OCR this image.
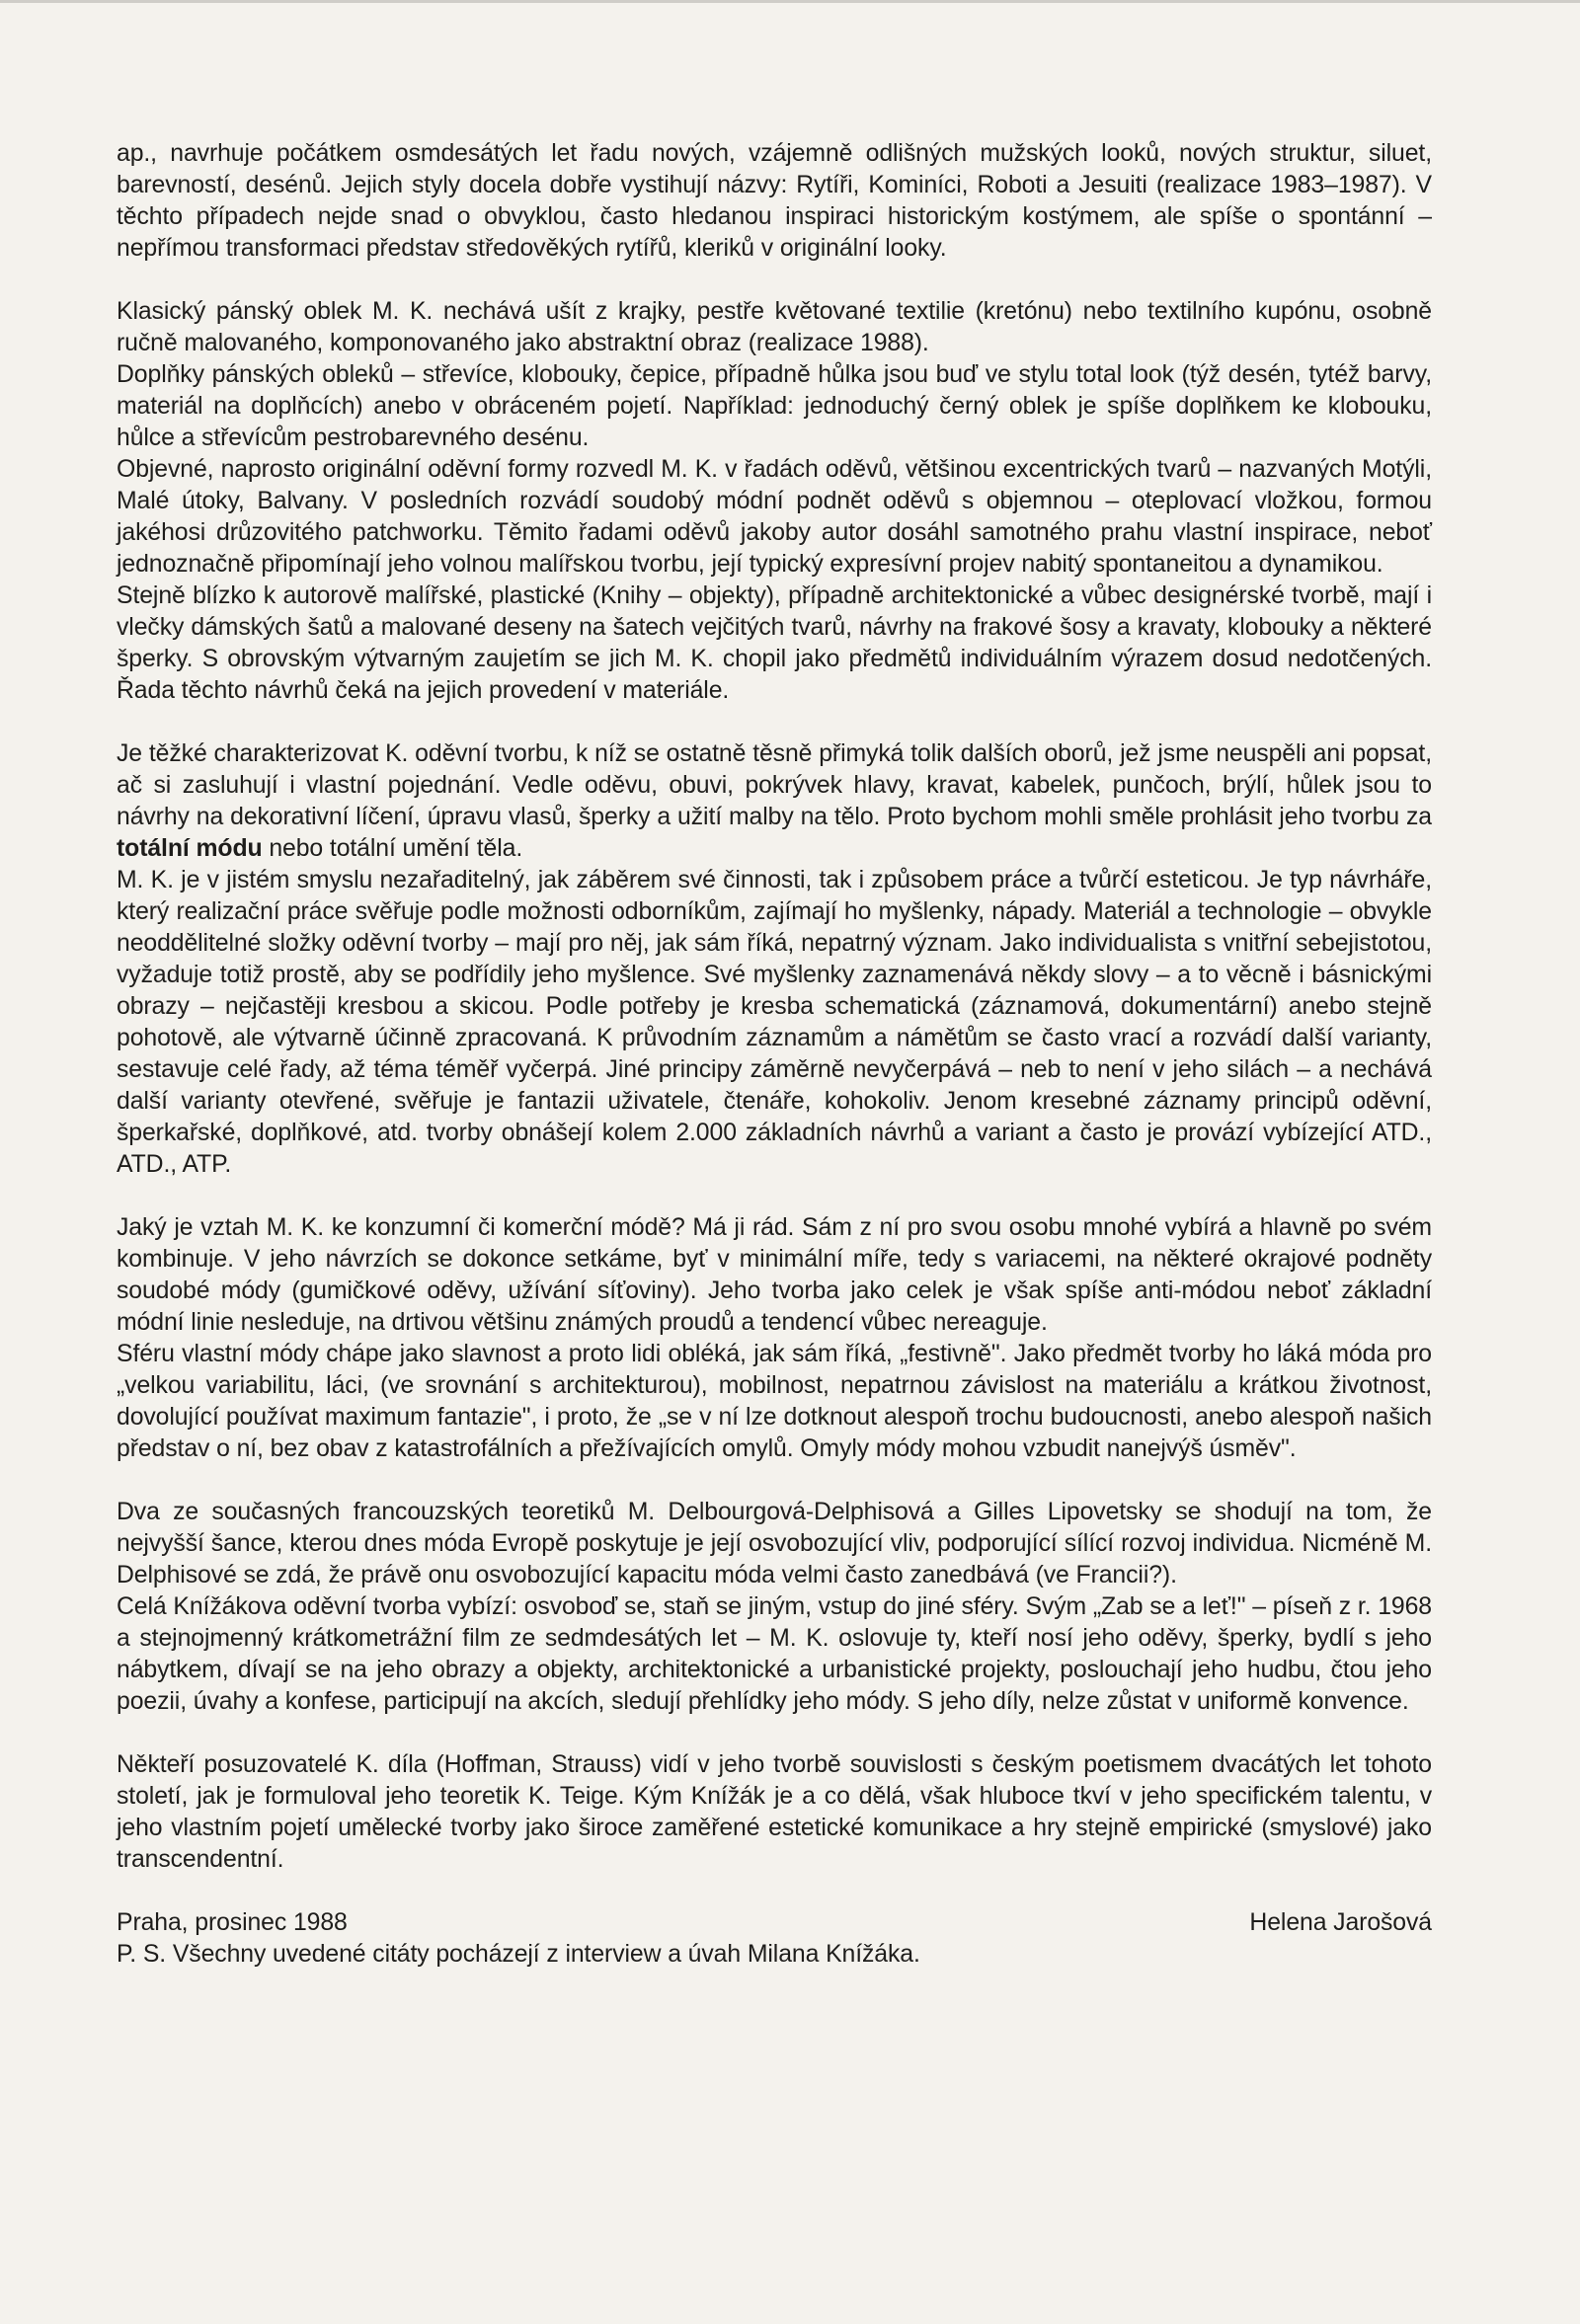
ap., navrhuje počátkem osmdesátých let řadu nových, vzájemně odlišných mužských looků, nových struktur, siluet, barevností, desénů. Jejich styly docela dobře vystihují názvy: Rytíři, Kominíci, Roboti a Jesuiti (realizace 1983–1987). V těchto případech nejde snad o obvyklou, často hledanou inspiraci historickým kostýmem, ale spíše o spontánní – nepřímou transformaci představ středověkých rytířů, kleriků v originální looky.

Klasický pánský oblek M. K. nechává ušít z krajky, pestře květované textilie (kretónu) nebo textilního kupónu, osobně ručně malovaného, komponovaného jako abstraktní obraz (realizace 1988).

Doplňky pánských obleků – střevíce, klobouky, čepice, případně hůlka jsou buď ve stylu total look (týž desén, tytéž barvy, materiál na doplňcích) anebo v obráceném pojetí. Například: jednoduchý černý oblek je spíše doplňkem ke klobouku, hůlce a střevícům pestrobarevného desénu.

Objevné, naprosto originální oděvní formy rozvedl M. K. v řadách oděvů, většinou excentrických tvarů – nazvaných Motýli, Malé útoky, Balvany. V posledních rozvádí soudobý módní podnět oděvů s objemnou – oteplovací vložkou, formou jakéhosi drůzovitého patchworku. Těmito řadami oděvů jakoby autor dosáhl samotného prahu vlastní inspirace, neboť jednoznačně připomínají jeho volnou malířskou tvorbu, její typický expresívní projev nabitý spontaneitou a dynamikou.

Stejně blízko k autorově malířské, plastické (Knihy – objekty), případně architektonické a vůbec designérské tvorbě, mají i vlečky dámských šatů a malované deseny na šatech vejčitých tvarů, návrhy na frakové šosy a kravaty, klobouky a některé šperky. S obrovským výtvarným zaujetím se jich M. K. chopil jako předmětů individuálním výrazem dosud nedotčených. Řada těchto návrhů čeká na jejich provedení v materiále.

Je těžké charakterizovat K. oděvní tvorbu, k níž se ostatně těsně přimyká tolik dalších oborů, jež jsme neuspěli ani popsat, ač si zasluhují i vlastní pojednání. Vedle oděvu, obuvi, pokrývek hlavy, kravat, kabelek, punčoch, brýlí, hůlek jsou to návrhy na dekorativní líčení, úpravu vlasů, šperky a užití malby na tělo. Proto bychom mohli směle prohlásit jeho tvorbu za totální módu nebo totální umění těla.

M. K. je v jistém smyslu nezařaditelný, jak záběrem své činnosti, tak i způsobem práce a tvůrčí esteticou. Je typ návrháře, který realizační práce svěřuje podle možnosti odborníkům, zajímají ho myšlenky, nápady. Materiál a technologie – obvykle neoddělitelné složky oděvní tvorby – mají pro něj, jak sám říká, nepatrný význam. Jako individualista s vnitřní sebejistotou, vyžaduje totiž prostě, aby se podřídily jeho myšlence. Své myšlenky zaznamenává někdy slovy – a to věcně i básnickými obrazy – nejčastěji kresbou a skicou. Podle potřeby je kresba schematická (záznamová, dokumentární) anebo stejně pohotově, ale výtvarně účinně zpracovaná. K průvodním záznamům a námětům se často vrací a rozvádí další varianty, sestavuje celé řady, až téma téměř vyčerpá. Jiné principy záměrně nevyčerpává – neb to není v jeho silách – a nechává další varianty otevřené, svěřuje je fantazii uživatele, čtenáře, kohokoliv. Jenom kresebné záznamy principů oděvní, šperkařské, doplňkové, atd. tvorby obnášejí kolem 2.000 základních návrhů a variant a často je provází vybízející ATD., ATD., ATP.

Jaký je vztah M. K. ke konzumní či komerční módě? Má ji rád. Sám z ní pro svou osobu mnohé vybírá a hlavně po svém kombinuje. V jeho návrzích se dokonce setkáme, byť v minimální míře, tedy s variacemi, na některé okrajové podněty soudobé módy (gumičkové oděvy, užívání síťoviny). Jeho tvorba jako celek je však spíše anti-módou neboť základní módní linie nesleduje, na drtivou většinu známých proudů a tendencí vůbec nereaguje.

Sféru vlastní módy chápe jako slavnost a proto lidi obléká, jak sám říká, „festivně". Jako předmět tvorby ho láká móda pro „velkou variabilitu, láci, (ve srovnání s architekturou), mobilnost, nepatrnou závislost na materiálu a krátkou životnost, dovolující používat maximum fantazie", i proto, že „se v ní lze dotknout alespoň trochu budoucnosti, anebo alespoň našich představ o ní, bez obav z katastrofálních a přežívajících omylů. Omyly módy mohou vzbudit nanejvýš úsměv".

Dva ze současných francouzských teoretiků M. Delbourgová-Delphisová a Gilles Lipovetsky se shodují na tom, že nejvyšší šance, kterou dnes móda Evropě poskytuje je její osvobozující vliv, podporující sílící rozvoj individua. Nicméně M. Delphisové se zdá, že právě onu osvobozující kapacitu móda velmi často zanedbává (ve Francii?).

Celá Knížákova oděvní tvorba vybízí: osvoboď se, staň se jiným, vstup do jiné sféry. Svým „Zab se a leť!" – píseň z r. 1968 a stejnojmenný krátkometrážní film ze sedmdesátých let – M. K. oslovuje ty, kteří nosí jeho oděvy, šperky, bydlí s jeho nábytkem, dívají se na jeho obrazy a objekty, architektonické a urbanistické projekty, poslouchají jeho hudbu, čtou jeho poezii, úvahy a konfese, participují na akcích, sledují přehlídky jeho módy. S jeho díly, nelze zůstat v uniformě konvence.

Někteří posuzovatelé K. díla (Hoffman, Strauss) vidí v jeho tvorbě souvislosti s českým poetismem dvacátých let tohoto století, jak je formuloval jeho teoretik K. Teige. Kým Knížák je a co dělá, však hluboce tkví v jeho specifickém talentu, v jeho vlastním pojetí umělecké tvorby jako široce zaměřené estetické komunikace a hry stejně empirické (smyslové) jako transcendentní.

Praha, prosinec 1988	Helena Jarošová

P. S. Všechny uvedené citáty pocházejí z interview a úvah Milana Knížáka.
